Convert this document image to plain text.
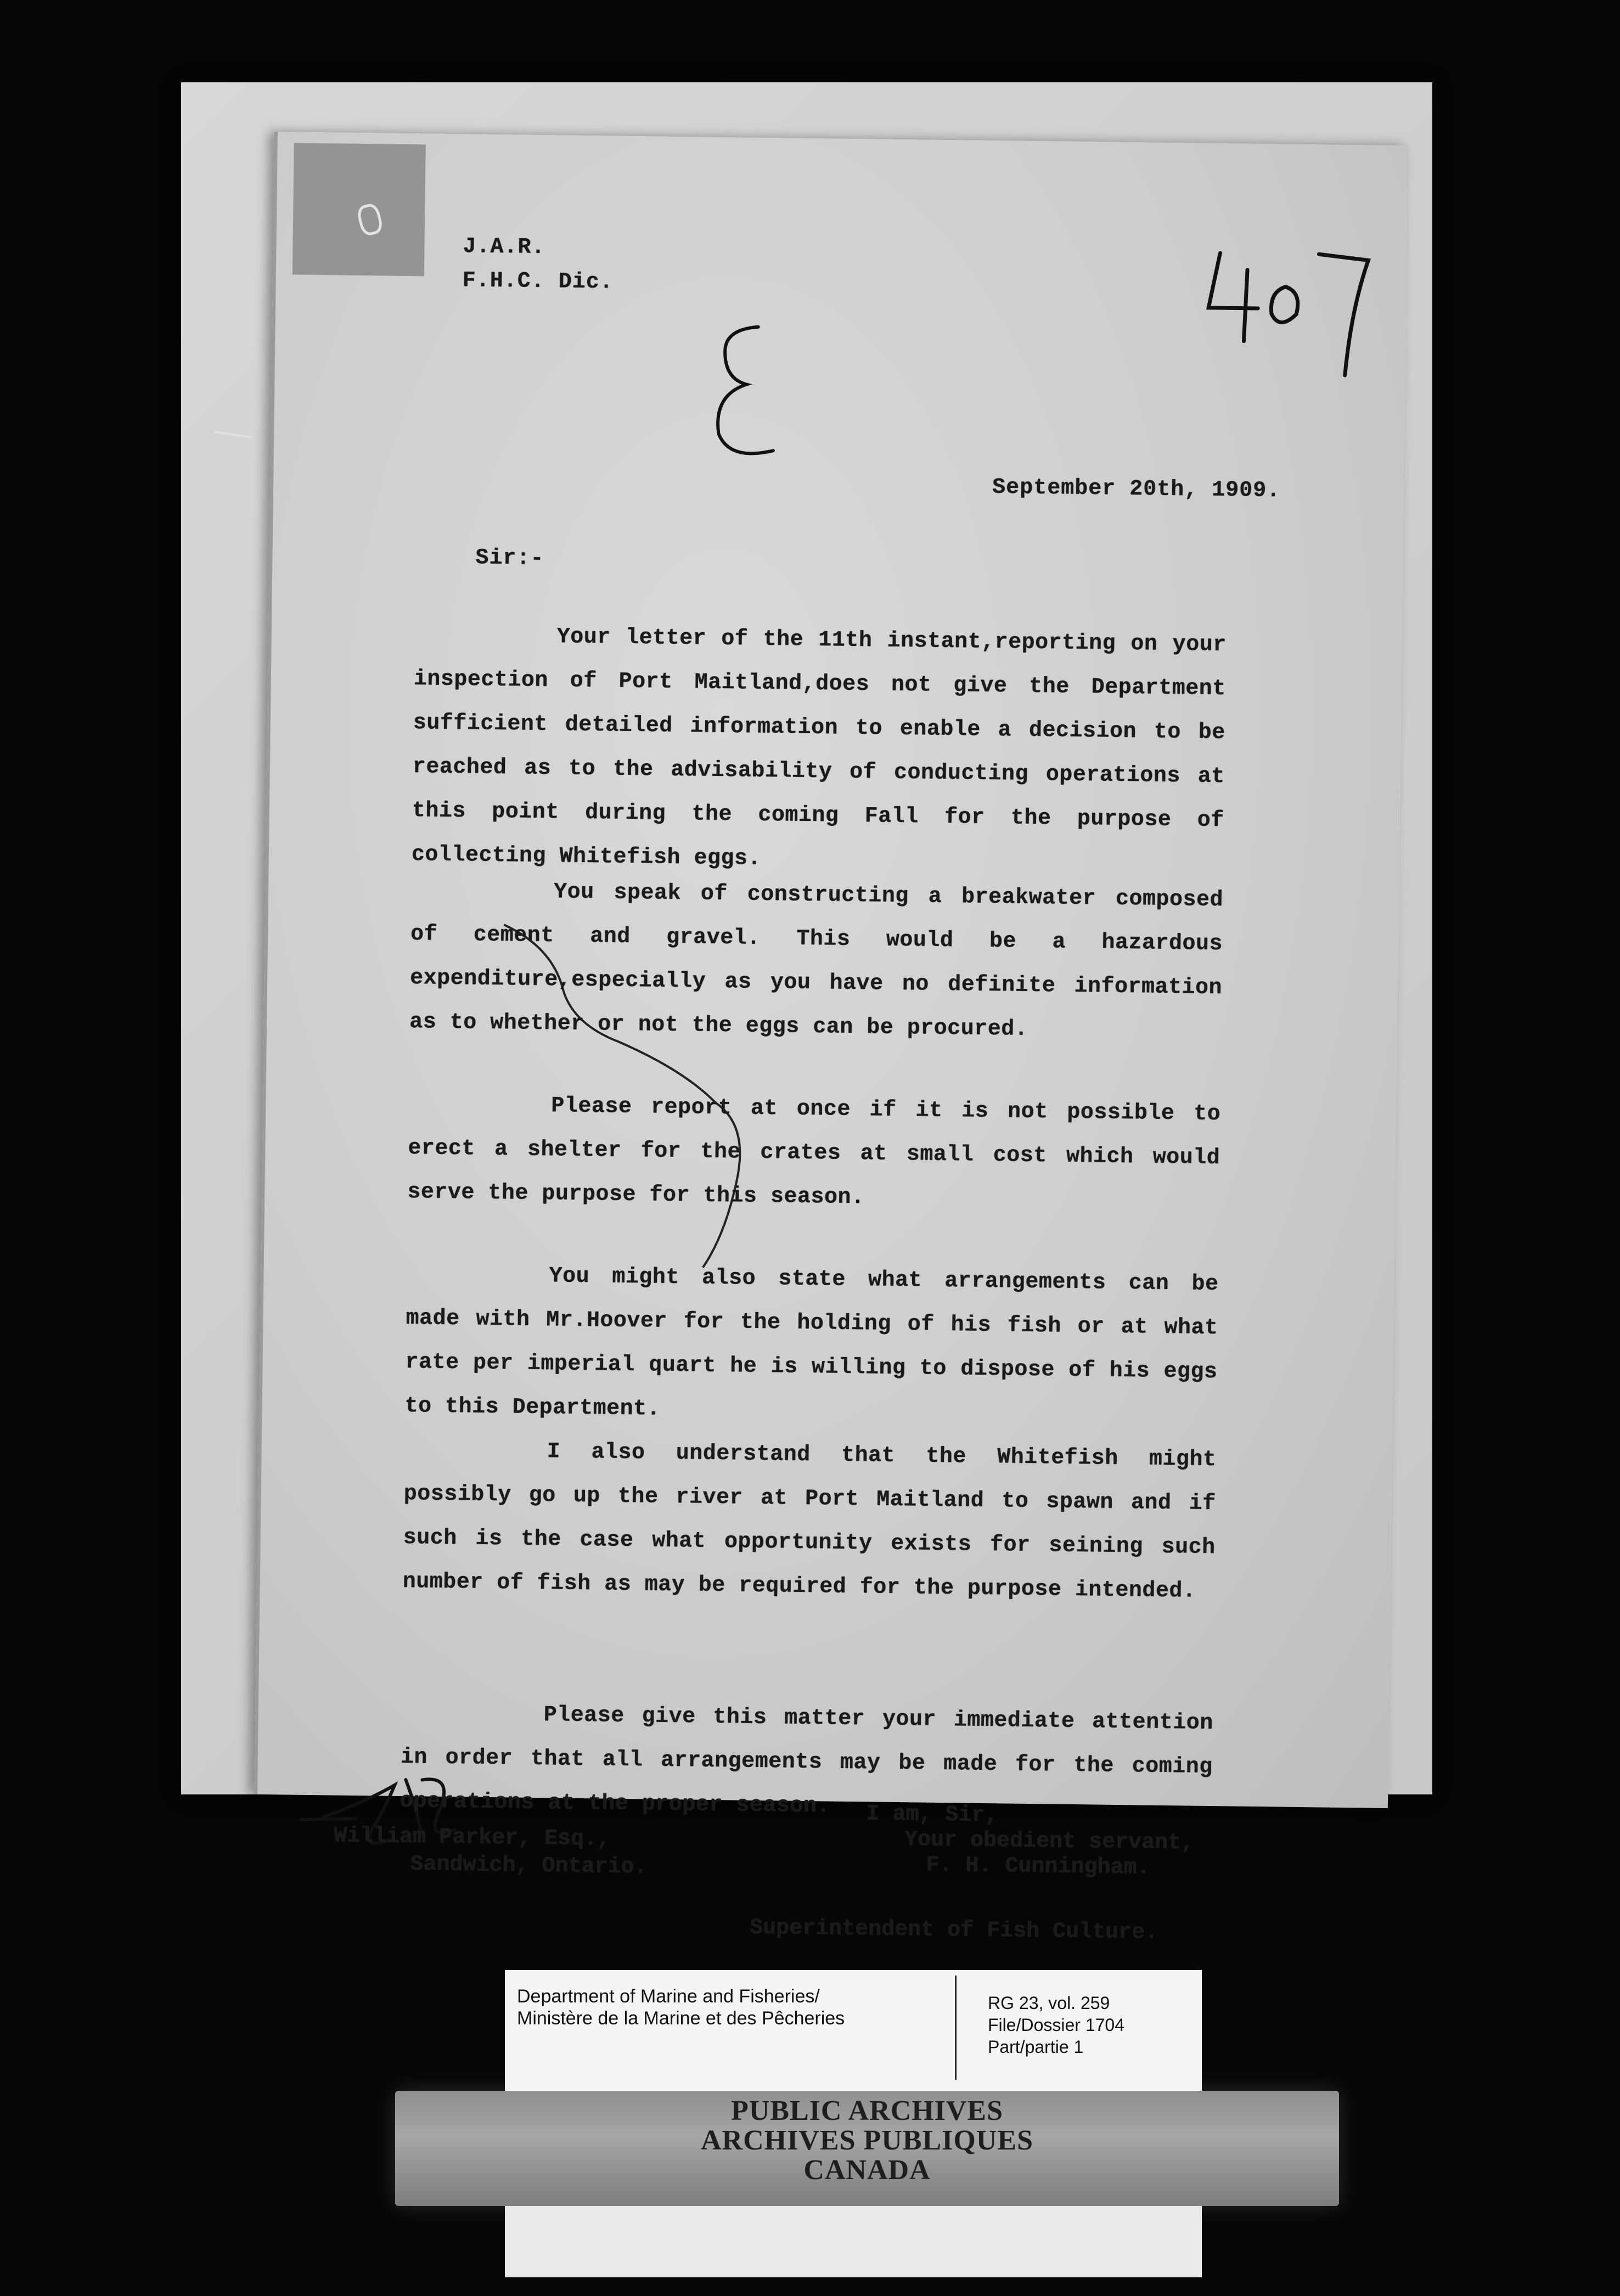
J.A.R.
F.H.C. Dic.
September 20th, 1909.
Sir:-
Your letter of the 11th instant,reporting on your inspection of Port Maitland,does not give the Department sufficient detailed information to enable a decision to be reached as to the advisability of conducting operations at this point during the coming Fall for the purpose of collecting Whitefish eggs.
You speak of constructing a breakwater composed of cement and gravel. This would be a hazardous expenditure,especially as you have no definite information as to whether or not the eggs can be procured.
Please report at once if it is not possible to erect a shelter for the crates at small cost which would serve the purpose for this season.
You might also state what arrangements can be made with Mr.Hoover for the holding of his fish or at what rate per imperial quart he is willing to dispose of his eggs to this Department.
I also understand that the Whitefish might possibly go up the river at Port Maitland to spawn and if such is the case what opportunity exists for seining such number of fish as may be required for the purpose intended.
Please give this matter your immediate attention in order that all arrangements may be made for the coming operations at the proper season.
William Parker, Esq.,
Sandwich, Ontario.
I am, Sir,
Your obedient servant,
F. H. Cunningham.
Superintendent of Fish Culture.
Department of Marine and Fisheries/
Ministère de la Marine et des Pêcheries
RG 23, vol. 259
File/Dossier 1704
Part/partie 1
PUBLIC ARCHIVES
ARCHIVES PUBLIQUES
CANADA
